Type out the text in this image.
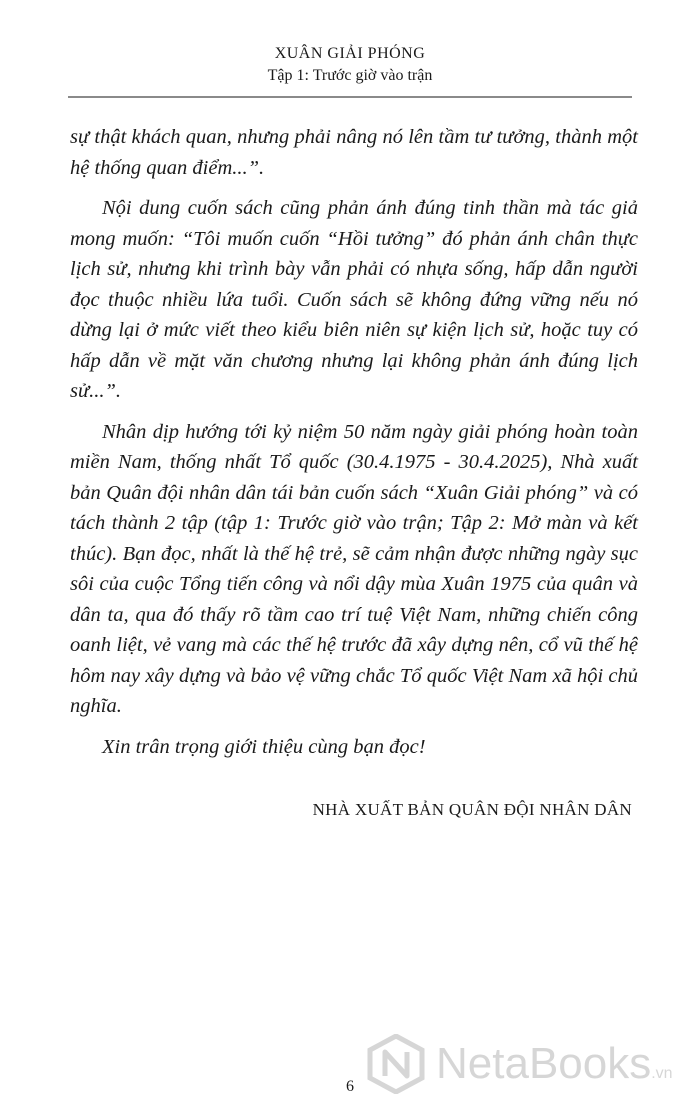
XUÂN GIẢI PHÓNG
Tập 1: Trước giờ vào trận

sự thật khách quan, nhưng phải nâng nó lên tầm tư tưởng, thành một hệ thống quan điểm...”.

Nội dung cuốn sách cũng phản ánh đúng tinh thần mà tác giả mong muốn: “Tôi muốn cuốn “Hồi tưởng” đó phản ánh chân thực lịch sử, nhưng khi trình bày vẫn phải có nhựa sống, hấp dẫn người đọc thuộc nhiều lứa tuổi. Cuốn sách sẽ không đứng vững nếu nó dừng lại ở mức viết theo kiểu biên niên sự kiện lịch sử, hoặc tuy có hấp dẫn về mặt văn chương nhưng lại không phản ánh đúng lịch sử...”.

Nhân dịp hướng tới kỷ niệm 50 năm ngày giải phóng hoàn toàn miền Nam, thống nhất Tổ quốc (30.4.1975 - 30.4.2025), Nhà xuất bản Quân đội nhân dân tái bản cuốn sách “Xuân Giải phóng” và có tách thành 2 tập (tập 1: Trước giờ vào trận; Tập 2: Mở màn và kết thúc). Bạn đọc, nhất là thế hệ trẻ, sẽ cảm nhận được những ngày sục sôi của cuộc Tổng tiến công và nổi dậy mùa Xuân 1975 của quân và dân ta, qua đó thấy rõ tầm cao trí tuệ Việt Nam, những chiến công oanh liệt, vẻ vang mà các thế hệ trước đã xây dựng nên, cổ vũ thế hệ hôm nay xây dựng và bảo vệ vững chắc Tổ quốc Việt Nam xã hội chủ nghĩa.

Xin trân trọng giới thiệu cùng bạn đọc!

NHÀ XUẤT BẢN QUÂN ĐỘI NHÂN DÂN
6	NetaBooks.vn
